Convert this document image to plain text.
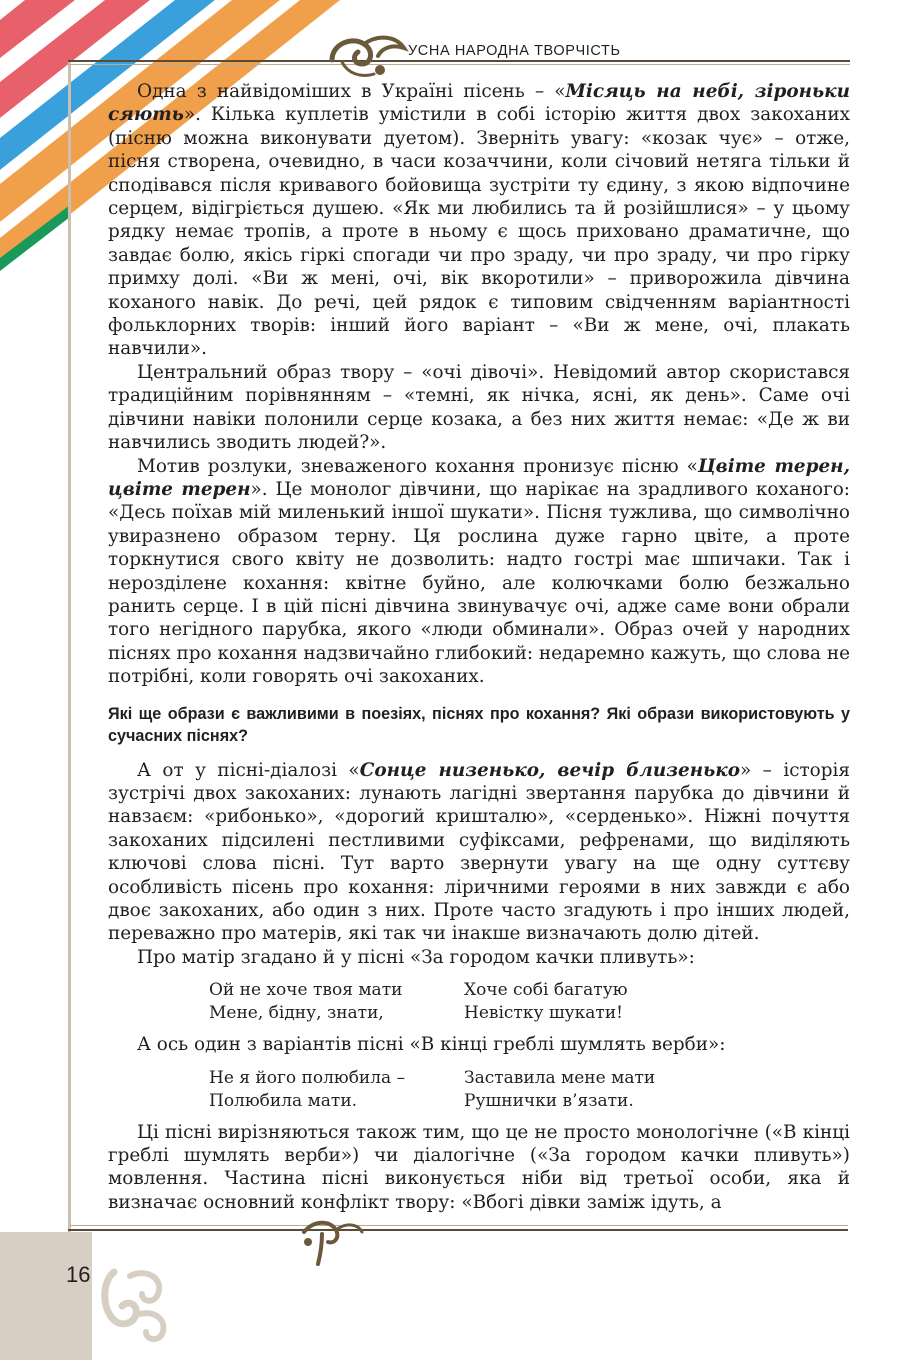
УСНА НАРОДНА ТВОРЧІСТЬ

Одна з найвідоміших в Україні пісень – «Місяць на небі, зіроньки сяють». Кілька куплетів умістили в собі історію життя двох закоханих (пісню можна виконувати дуетом). Зверніть увагу: «козак чує» – отже, пісня створена, очевидно, в часи козаччини, коли січовий нетяга тільки й сподівався після кривавого бойовища зустріти ту єдину, з якою відпочине серцем, відігріється душею. «Як ми любились та й розійшлися» – у цьому рядку немає тропів, а проте в ньому є щось приховано драматичне, що завдає болю, якісь гіркі спогади чи про зраду, чи про зраду, чи про гірку примху долі. «Ви ж мені, очі, вік вкоротили» – приворожила дівчина коханого навік. До речі, цей рядок є типовим свідченням варіантності фольклорних творів: інший його варіант – «Ви ж мене, очі, плакать навчили».

Центральний образ твору – «очі дівочі». Невідомий автор скористався традиційним порівнянням – «темні, як нічка, ясні, як день». Саме очі дівчини навіки полонили серце козака, а без них життя немає: «Де ж ви навчились зводить людей?».

Мотив розлуки, зневаженого кохання пронизує пісню «Цвіте терен, цвіте терен». Це монолог дівчини, що нарікає на зрадливого коханого: «Десь поїхав мій миленький іншої шукати». Пісня тужлива, що символічно увиразнено образом терну. Ця рослина дуже гарно цвіте, а проте торкнутися свого квіту не дозволить: надто гострі має шпичаки. Так і нерозділене кохання: квітне буйно, але колючками болю безжально ранить серце. І в цій пісні дівчина звинувачує очі, адже саме вони обрали того негідного парубка, якого «люди обминали». Образ очей у народних піснях про кохання надзвичайно глибокий: недаремно кажуть, що слова не потрібні, коли говорять очі закоханих.

Які ще образи є важливими в поезіях, піснях про кохання? Які образи використовують у сучасних піснях?

А от у пісні-діалозі «Сонце низенько, вечір близенько» – історія зустрічі двох закоханих: лунають лагідні звертання парубка до дівчини й навзаєм: «рибонько», «дорогий кришталю», «серденько». Ніжні почуття закоханих підсилені пестливими суфіксами, рефренами, що виділяють ключові слова пісні. Тут варто звернути увагу на ще одну суттєву особливість пісень про кохання: ліричними героями в них завжди є або двоє закоханих, або один з них. Проте часто згадують і про інших людей, переважно про матерів, які так чи інакше визначають долю дітей.

Про матір згадано й у пісні «За городом качки пливуть»:

Ой не хоче твоя мати
Мене, бідну, знати,
Хоче собі багатую
Невістку шукати!

А ось один з варіантів пісні «В кінці греблі шумлять верби»:

Не я його полюбила –
Полюбила мати.
Заставила мене мати
Рушнички в’язати.

Ці пісні вирізняються також тим, що це не просто монологічне («В кінці греблі шумлять верби») чи діалогічне («За городом качки пливуть») мовлення. Частина пісні виконується ніби від третьої особи, яка й визначає основний конфлікт твору: «Вбогі дівки заміж ідуть, а

16
